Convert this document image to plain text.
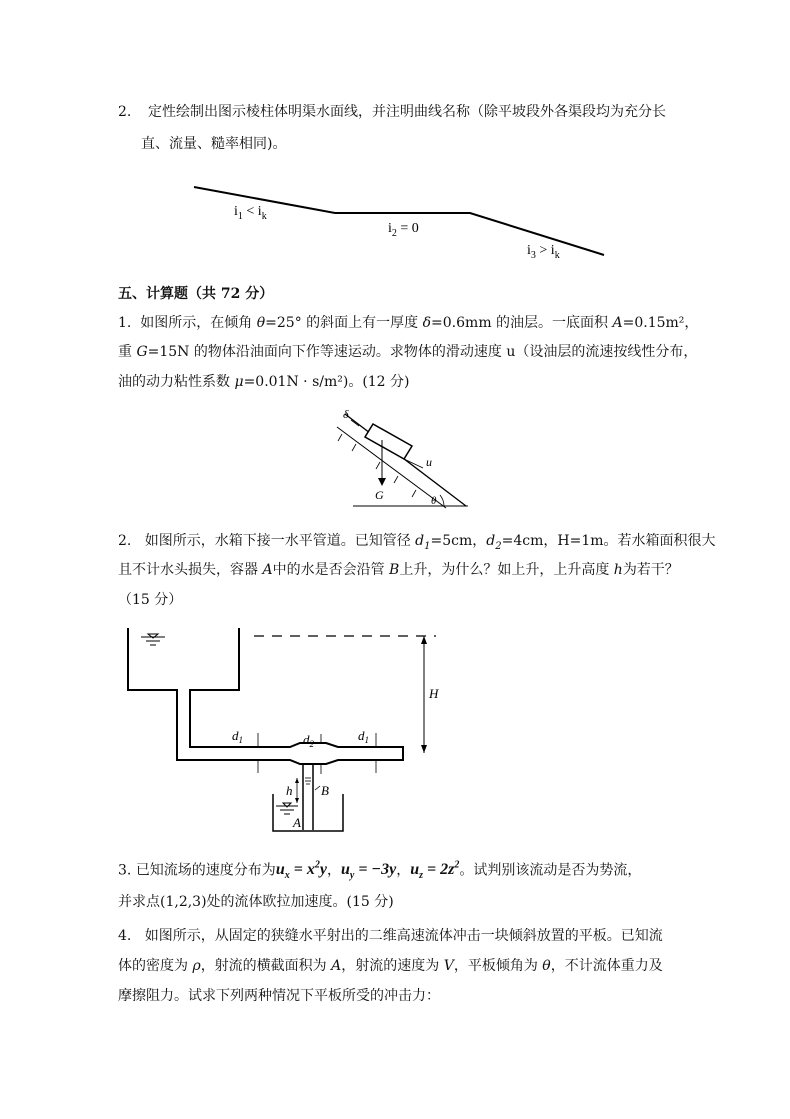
2. 定性绘制出图示棱柱体明渠水面线，并注明曲线名称（除平坡段外各渠段均为充分长
直、流量、糙率相同)。
$i_1 < i_k$
$i_2 = 0$
$i_3 > i_k$
五、计算题（共 72 分）
1. 如图所示，在倾角 θ=25° 的斜面上有一厚度 δ=0.6mm 的油层。一底面积 A=0.15m²，
重 G=15N 的物体沿油面向下作等速运动。求物体的滑动速度 u（设油层的流速按线性分布，
油的动力粘性系数 μ=0.01N · s/m²)。(12 分)
δ
u
G	θ
2. 如图所示，水箱下接一水平管道。已知管径 $d_1=5cm$，$d_2=4cm$，H=1m。若水箱面积很大
且不计水头损失，容器 A中的水是否会沿管 B上升，为什么？如上升，上升高度 h为若干？
（15 分）
H
$d_1$	$d_2$
$d_1$
B
A
h
3. 已知流场的速度分布为$u_x = x^2y$，$u_y = -3y$，$u_z = 2z^2$。试判别该流动是否为势流，
并求点(1,2,3)处的流体欧拉加速度。(15 分)
4. 如图所示，从固定的狭缝水平射出的二维高速流体冲击一块倾斜放置的平板。已知流
体的密度为 ρ，射流的横截面积为 A，射流的速度为 V，平板倾角为 θ，不计流体重力及
摩擦阻力。试求下列两种情况下平板所受的冲击力：
